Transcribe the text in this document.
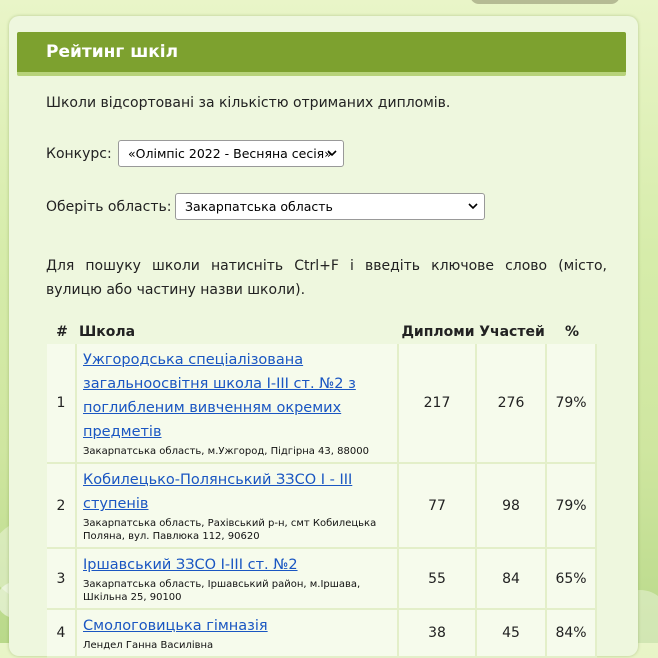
Рейтинг шкіл
Школи відсортовані за кількістю отриманих дипломів.
Конкурс: «Олімпіс 2022 - Весняна сесія»
Оберіть область: Закарпатська область
Для пошуку школи натисніть Ctrl+F і введіть ключове слово (місто, вулицю або частину назви школи).
#	Школа	Дипломи	Участей	%
1	Ужгородська спеціалізована
загальноосвітня школа І-ІІІ ст. №2 з
поглибленим вивченням окремих
предметів
Закарпатська область, м.Ужгород, Підгірна 43, 88000	217	276	79%
2	Кобилецько-Полянський ЗЗСО І - ІІІ
ступенів
Закарпатська область, Рахівський р-н, смт Кобилецька Поляна, вул. Павлюка 112, 90620	77	98	79%
3	Іршавський ЗЗСО І-ІІІ ст. №2
Закарпатська область, Іршавський район, м.Іршава, Шкільна 25, 90100	55	84	65%
4	Смологовицька гімназія
Лендел Ганна Василівна	38	45	84%
